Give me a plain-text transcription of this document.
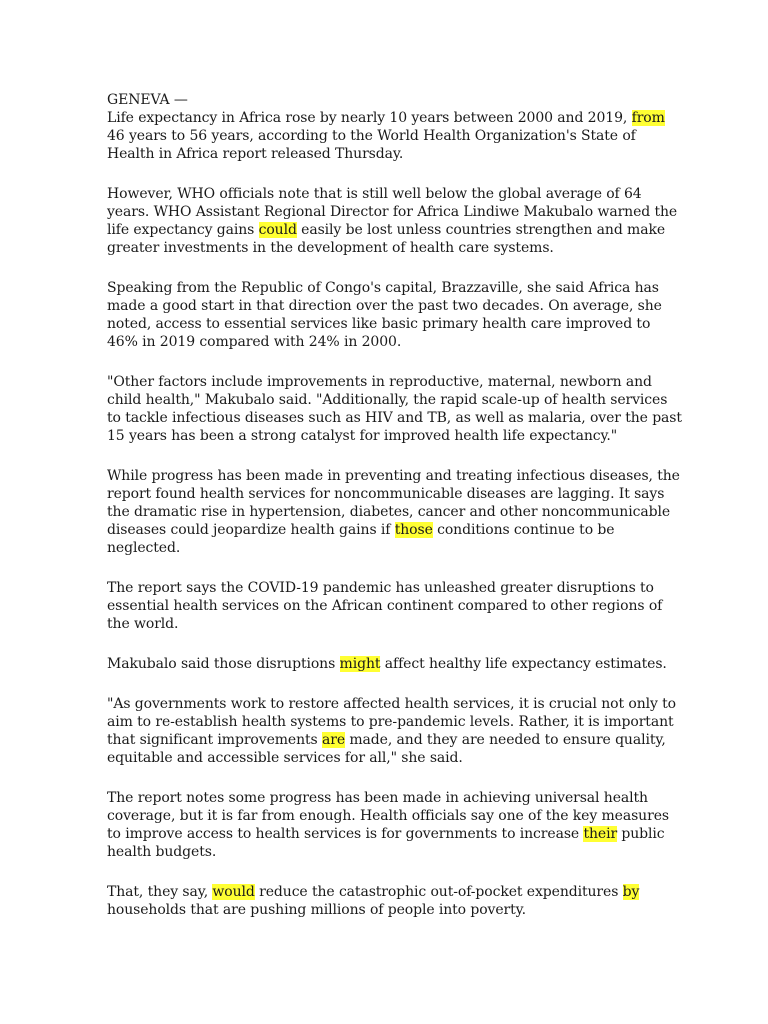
GENEVA —

Life expectancy in Africa rose by nearly 10 years between 2000 and 2019, from 46 years to 56 years, according to the World Health Organization's State of Health in Africa report released Thursday.

However, WHO officials note that is still well below the global average of 64 years. WHO Assistant Regional Director for Africa Lindiwe Makubalo warned the life expectancy gains could easily be lost unless countries strengthen and make greater investments in the development of health care systems.

Speaking from the Republic of Congo's capital, Brazzaville, she said Africa has made a good start in that direction over the past two decades. On average, she noted, access to essential services like basic primary health care improved to 46% in 2019 compared with 24% in 2000.

"Other factors include improvements in reproductive, maternal, newborn and child health," Makubalo said. "Additionally, the rapid scale-up of health services to tackle infectious diseases such as HIV and TB, as well as malaria, over the past 15 years has been a strong catalyst for improved health life expectancy."

While progress has been made in preventing and treating infectious diseases, the report found health services for noncommunicable diseases are lagging. It says the dramatic rise in hypertension, diabetes, cancer and other noncommunicable diseases could jeopardize health gains if those conditions continue to be neglected.

The report says the COVID-19 pandemic has unleashed greater disruptions to essential health services on the African continent compared to other regions of the world.

Makubalo said those disruptions might affect healthy life expectancy estimates.

"As governments work to restore affected health services, it is crucial not only to aim to re-establish health systems to pre-pandemic levels. Rather, it is important that significant improvements are made, and they are needed to ensure quality, equitable and accessible services for all," she said.

The report notes some progress has been made in achieving universal health coverage, but it is far from enough. Health officials say one of the key measures to improve access to health services is for governments to increase their public health budgets.

That, they say, would reduce the catastrophic out-of-pocket expenditures by households that are pushing millions of people into poverty.
